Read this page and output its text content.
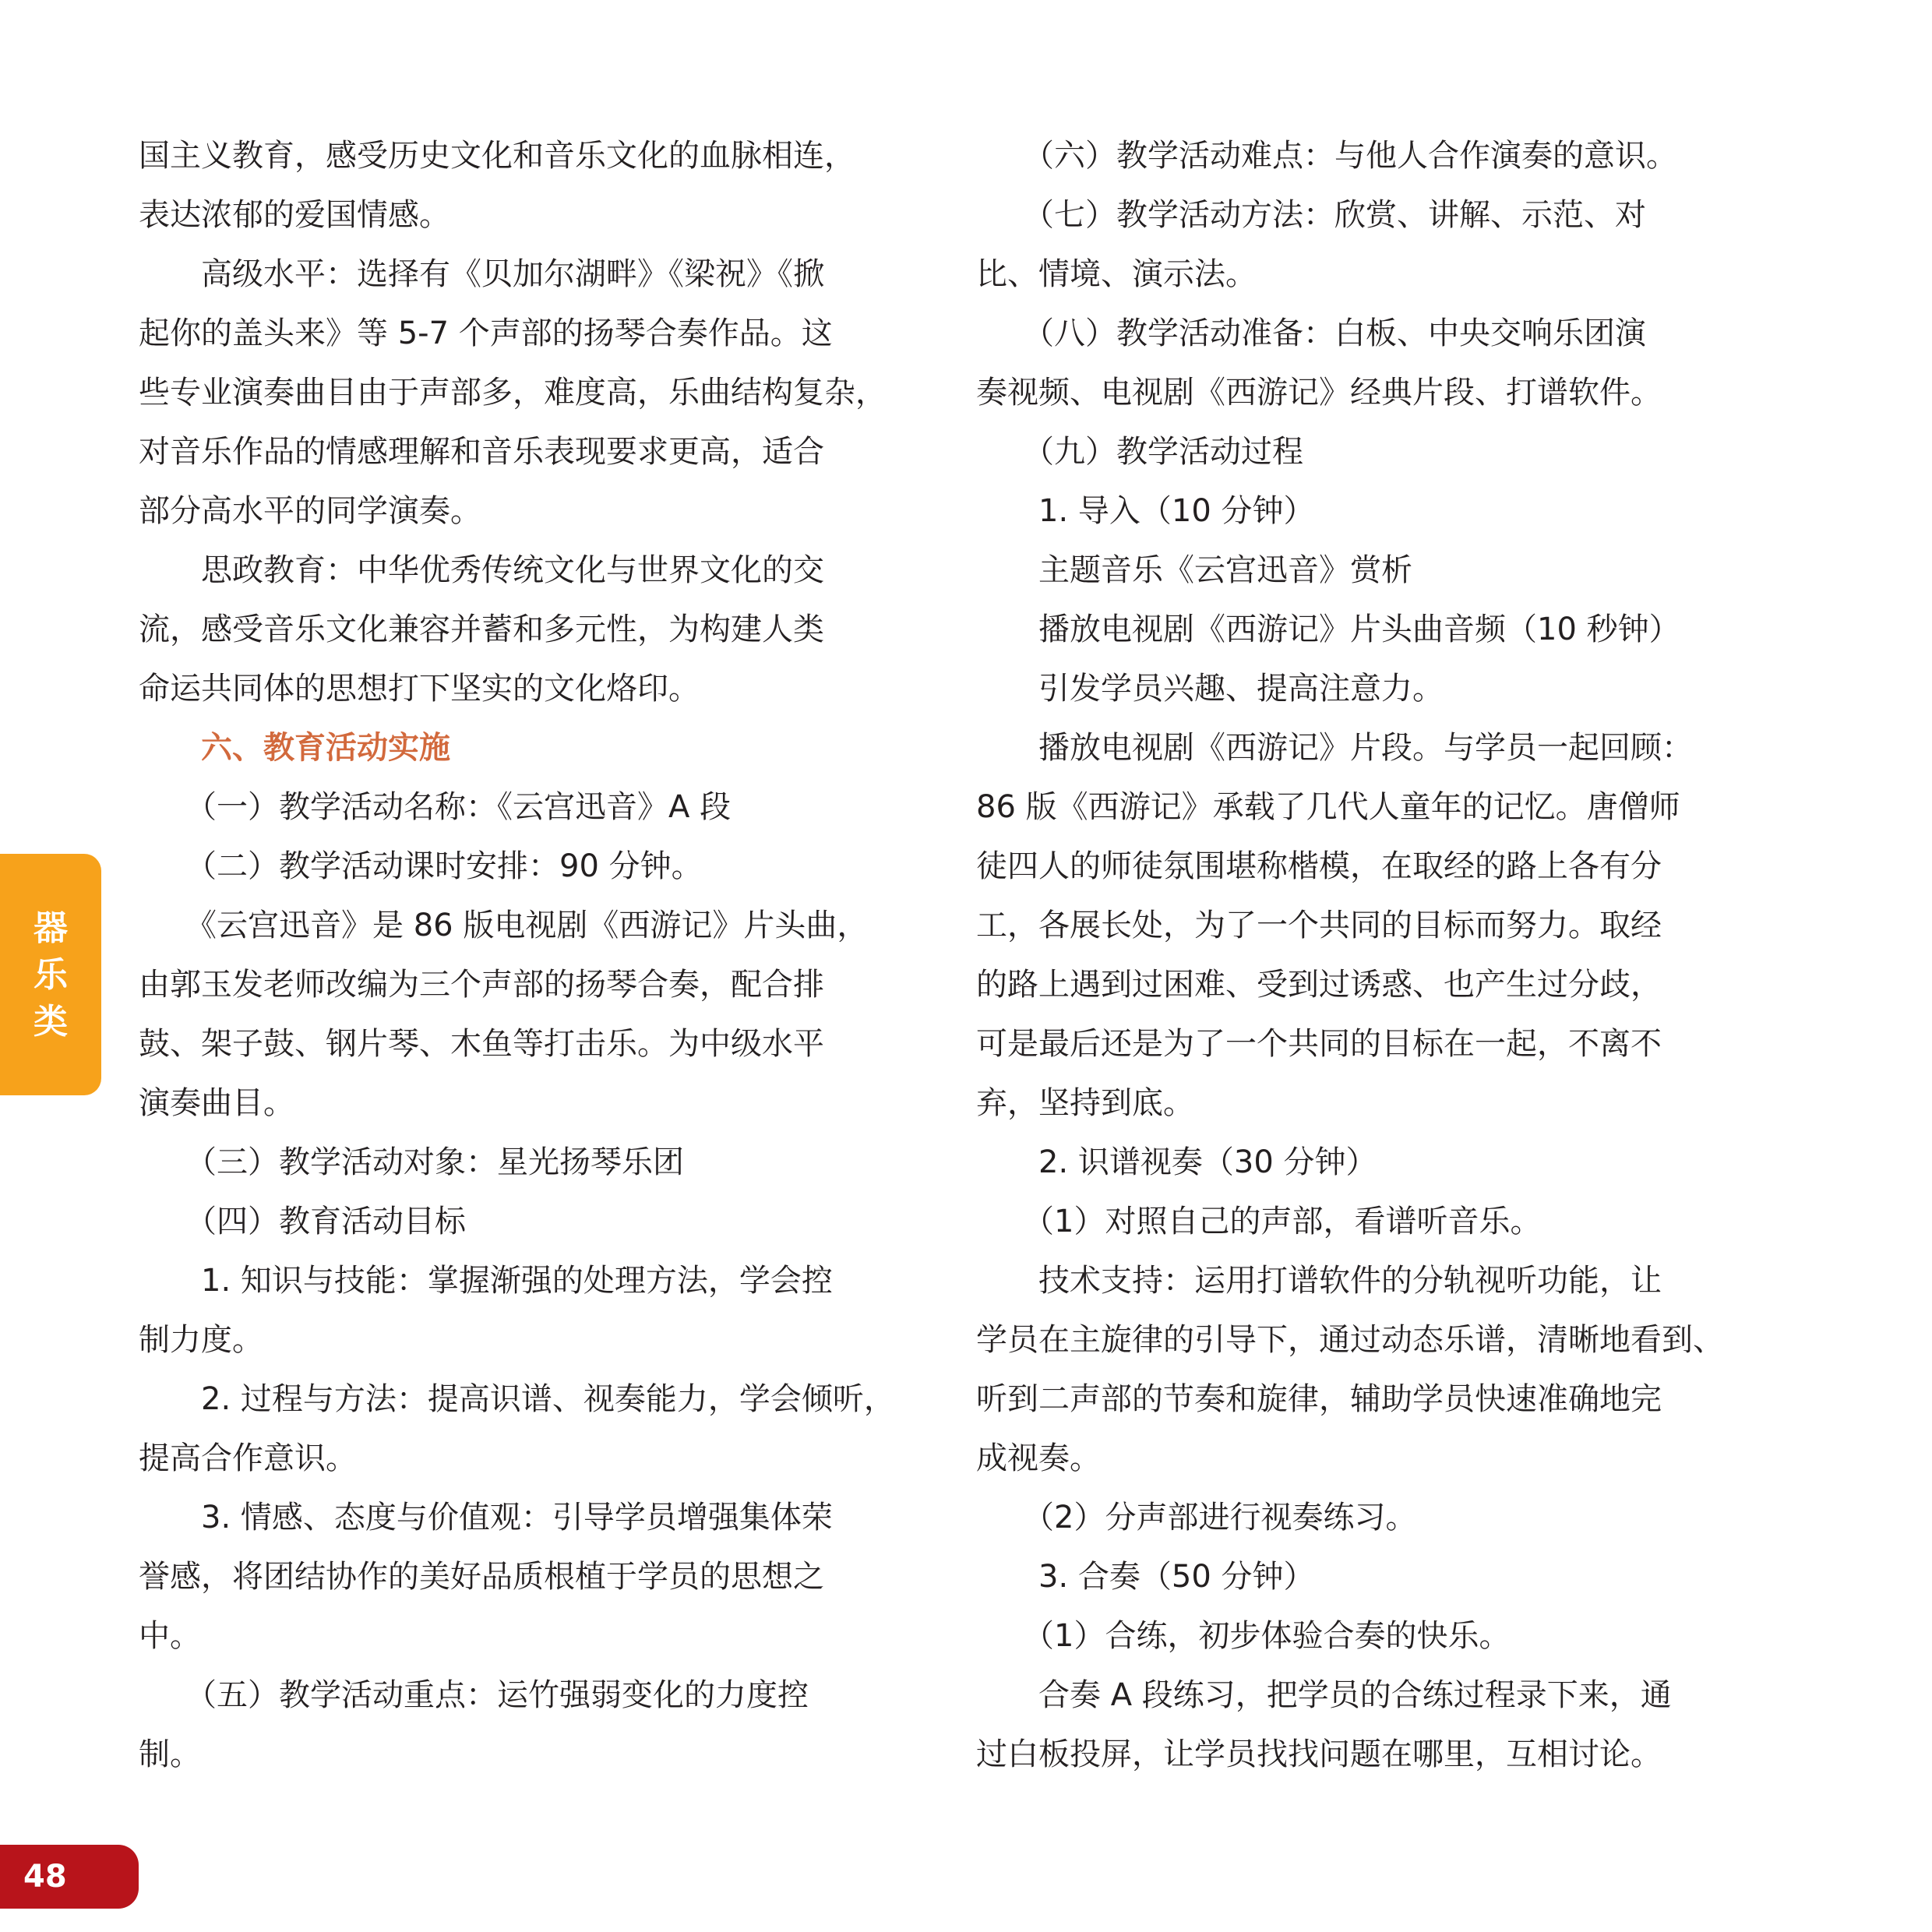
国主义教育，感受历史文化和音乐文化的血脉相连，
表达浓郁的爱国情感。
高级水平：选择有《贝加尔湖畔》《梁祝》《掀
起你的盖头来》等 5-7 个声部的扬琴合奏作品。这
些专业演奏曲目由于声部多，难度高，乐曲结构复杂，
对音乐作品的情感理解和音乐表现要求更高，适合
部分高水平的同学演奏。
思政教育：中华优秀传统文化与世界文化的交
流，感受音乐文化兼容并蓄和多元性，为构建人类
命运共同体的思想打下坚实的文化烙印。
六、教育活动实施
（一）教学活动名称：《云宫迅音》A 段
（二）教学活动课时安排：90 分钟。
《云宫迅音》是 86 版电视剧《西游记》片头曲，
由郭玉发老师改编为三个声部的扬琴合奏，配合排
鼓、架子鼓、钢片琴、木鱼等打击乐。为中级水平
演奏曲目。
（三）教学活动对象：星光扬琴乐团
（四）教育活动目标
1. 知识与技能：掌握渐强的处理方法，学会控
制力度。
2. 过程与方法：提高识谱、视奏能力，学会倾听，
提高合作意识。
3. 情感、态度与价值观：引导学员增强集体荣
誉感，将团结协作的美好品质根植于学员的思想之
中。
（五）教学活动重点：运竹强弱变化的力度控
制。
（六）教学活动难点：与他人合作演奏的意识。
（七）教学活动方法：欣赏、讲解、示范、对
比、情境、演示法。
（八）教学活动准备：白板、中央交响乐团演
奏视频、电视剧《西游记》经典片段、打谱软件。
（九）教学活动过程
1. 导入（10 分钟）
主题音乐《云宫迅音》赏析
播放电视剧《西游记》片头曲音频（10 秒钟）
引发学员兴趣、提高注意力。
播放电视剧《西游记》片段。与学员一起回顾：
86 版《西游记》承载了几代人童年的记忆。唐僧师
徒四人的师徒氛围堪称楷模，在取经的路上各有分
工，各展长处，为了一个共同的目标而努力。取经
的路上遇到过困难、受到过诱惑、也产生过分歧，
可是最后还是为了一个共同的目标在一起，不离不
弃，坚持到底。
2. 识谱视奏（30 分钟）
（1）对照自己的声部，看谱听音乐。
技术支持：运用打谱软件的分轨视听功能，让
学员在主旋律的引导下，通过动态乐谱，清晰地看到、
听到二声部的节奏和旋律，辅助学员快速准确地完
成视奏。
（2）分声部进行视奏练习。
3. 合奏（50 分钟）
（1）合练，初步体验合奏的快乐。
合奏 A 段练习，把学员的合练过程录下来，通
过白板投屏，让学员找找问题在哪里，互相讨论。
器
乐
类
48
